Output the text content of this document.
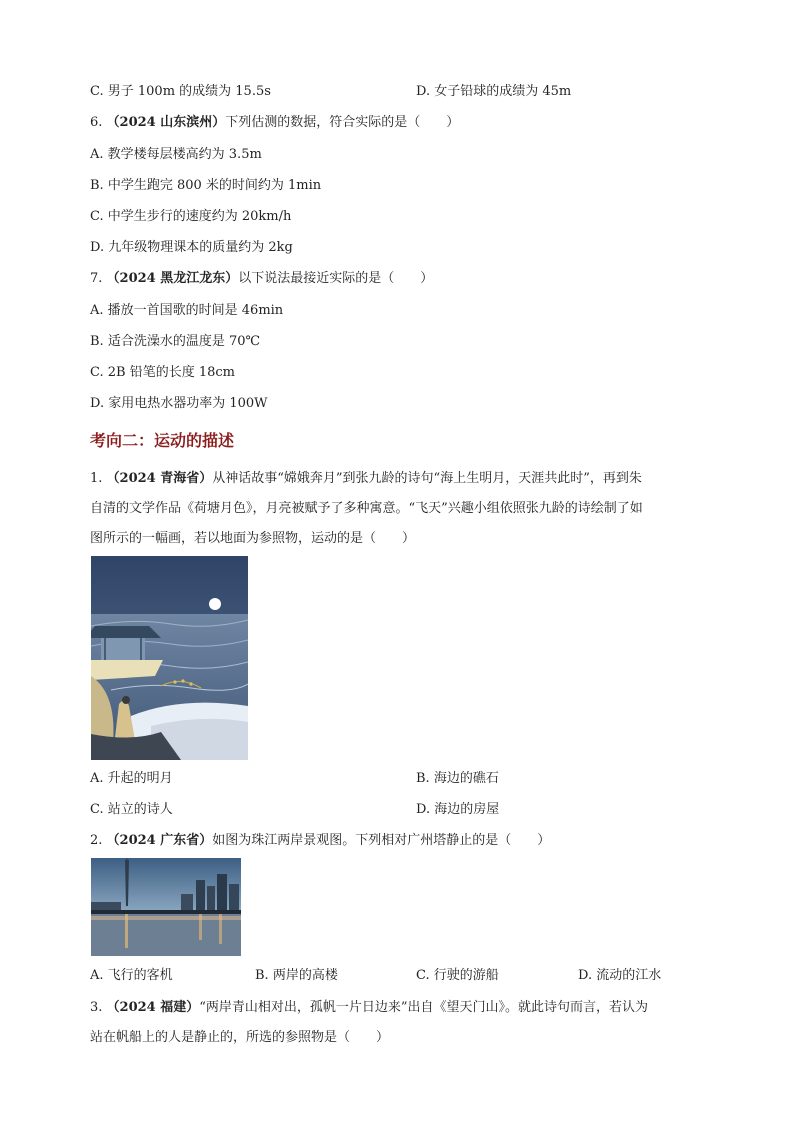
C. 男子 100m 的成绩为 15.5s	D. 女子铅球的成绩为 45m
6. （2024 山东滨州）下列估测的数据，符合实际的是（　　）
A. 教学楼每层楼高约为 3.5m
B. 中学生跑完 800 米的时间约为 1min
C. 中学生步行的速度约为 20km/h
D. 九年级物理课本的质量约为 2kg
7. （2024 黑龙江龙东）以下说法最接近实际的是（　　）
A. 播放一首国歌的时间是 46min
B. 适合洗澡水的温度是 70℃
C. 2B 铅笔的长度 18cm
D. 家用电热水器功率为 100W
考向二：运动的描述
1. （2024 青海省）从神话故事“嫦娥奔月”到张九龄的诗句“海上生明月，天涯共此时”，再到朱
自清的文学作品《荷塘月色》，月亮被赋予了多种寓意。“飞天”兴趣小组依照张九龄的诗绘制了如
图所示的一幅画，若以地面为参照物，运动的是（　　）
A. 升起的明月	B. 海边的礁石
C. 站立的诗人	D. 海边的房屋
2. （2024 广东省）如图为珠江两岸景观图。下列相对广州塔静止的是（　　）
A. 飞行的客机	B. 两岸的高楼	C. 行驶的游船	D. 流动的江水
3. （2024 福建）“两岸青山相对出，孤帆一片日边来”出自《望天门山》。就此诗句而言，若认为
站在帆船上的人是静止的，所选的参照物是（　　）
